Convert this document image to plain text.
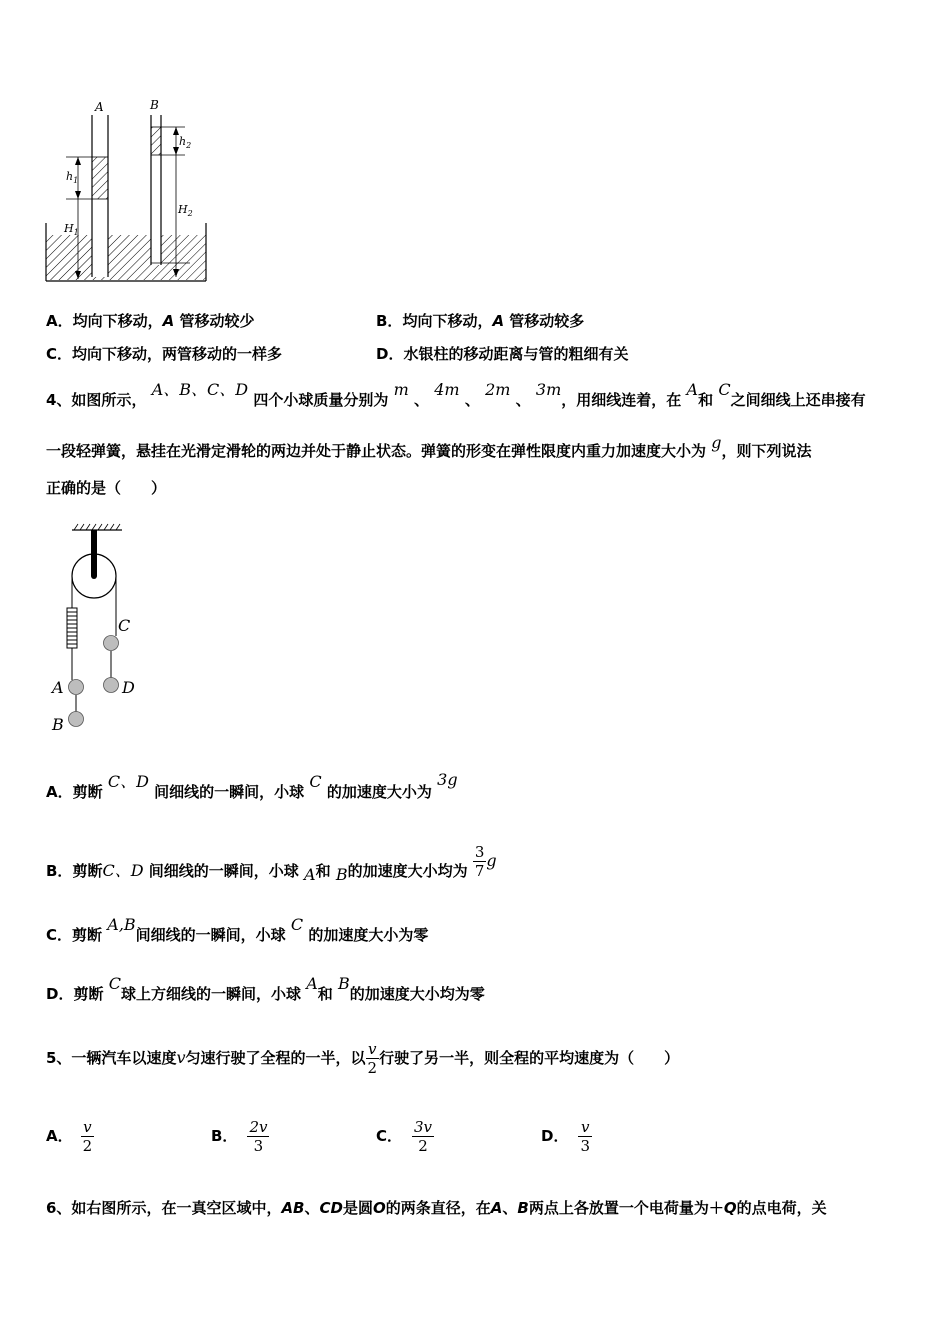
A	B
$h_1$
$h_2$
$H_1$
$H_2$
A．均向下移动，A 管移动较少	B．均向下移动，A 管移动较多
C．均向下移动，两管移动的一样多	D．水银柱的移动距离与管的粗细有关
4、如图所示， A、B、C、D 四个小球质量分别为 m 、 4m 、 2m 、 3m，用细线连着，在 A和 C之间细线上还串接有
一段轻弹簧，悬挂在光滑定滑轮的两边并处于静止状态。弹簧的形变在弹性限度内重力加速度大小为 g，则下列说法
正确的是（　　）
C
A	D
B
A．剪断 C、D 间细线的一瞬间，小球 C 的加速度大小为 3g
B．剪断C、D 间细线的一瞬间，小球 A和 B的加速度大小均为 $\frac{3}{7}$ g
C．剪断 A,B间细线的一瞬间，小球 C 的加速度大小为零
D．剪断 C球上方细线的一瞬间，小球 A和 B的加速度大小均为零
5、一辆汽车以速度v匀速行驶了全程的一半，以 $\frac{v}{2}$ 行驶了另一半，则全程的平均速度为（　　）
A． $\frac{v}{2}$	B． $\frac{2v}{3}$	C． $\frac{3v}{2}$	D． $\frac{v}{3}$
6、如右图所示，在一真空区域中，AB、CD是圆O的两条直径，在A、B两点上各放置一个电荷量为＋Q的点电荷，关
